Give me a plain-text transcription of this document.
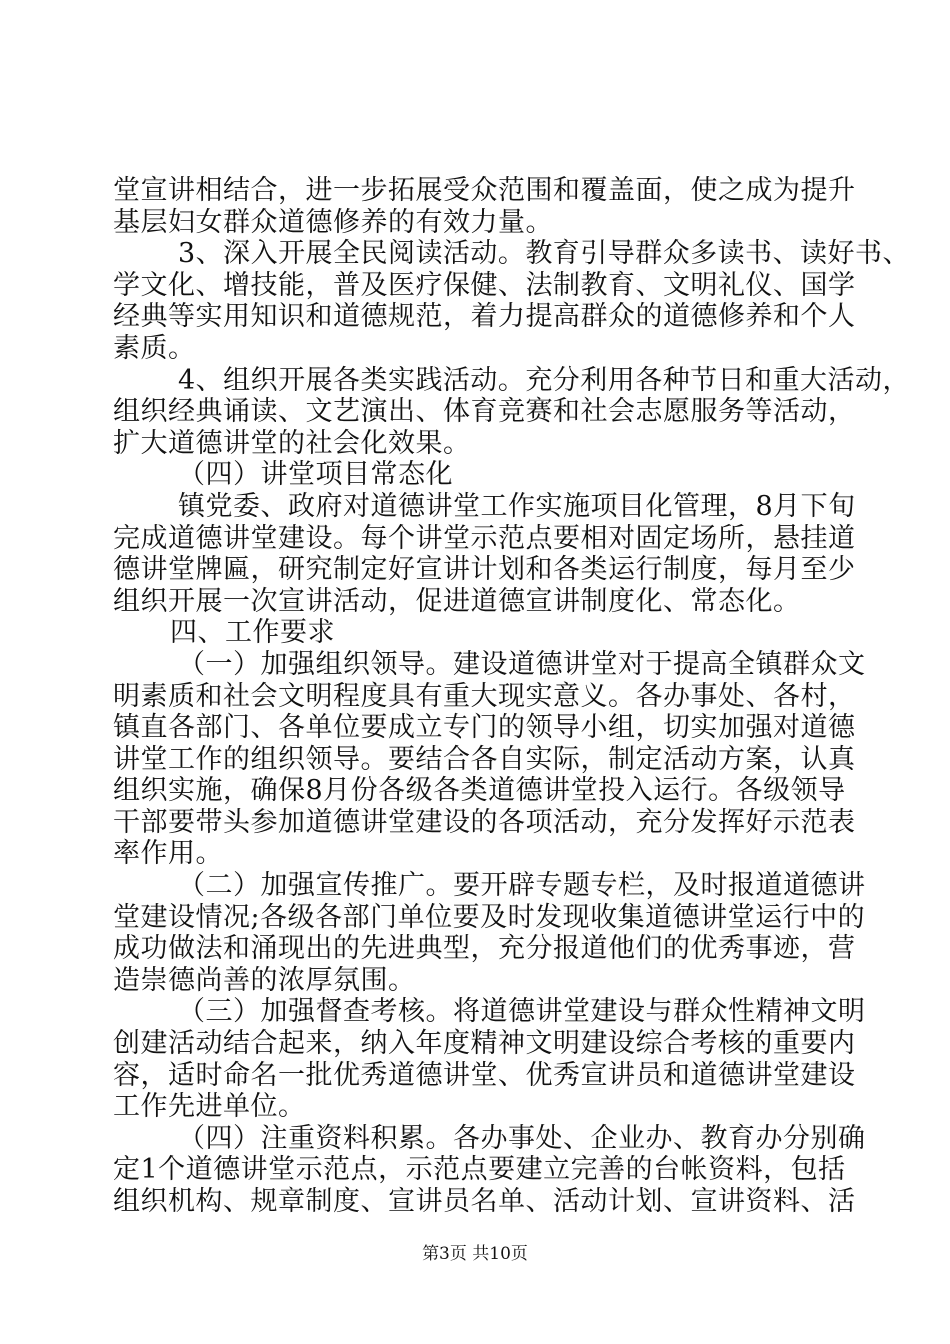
堂宣讲相结合，进一步拓展受众范围和覆盖面，使之成为提升
基层妇女群众道德修养的有效力量。
3、深入开展全民阅读活动。教育引导群众多读书、读好书、
学文化、增技能，普及医疗保健、法制教育、文明礼仪、国学
经典等实用知识和道德规范，着力提高群众的道德修养和个人
素质。
4、组织开展各类实践活动。充分利用各种节日和重大活动，
组织经典诵读、文艺演出、体育竞赛和社会志愿服务等活动，
扩大道德讲堂的社会化效果。
（四）讲堂项目常态化
镇党委、政府对道德讲堂工作实施项目化管理，8月下旬
完成道德讲堂建设。每个讲堂示范点要相对固定场所，悬挂道
德讲堂牌匾，研究制定好宣讲计划和各类运行制度，每月至少
组织开展一次宣讲活动，促进道德宣讲制度化、常态化。
四、工作要求
（一）加强组织领导。建设道德讲堂对于提高全镇群众文
明素质和社会文明程度具有重大现实意义。各办事处、各村，
镇直各部门、各单位要成立专门的领导小组，切实加强对道德
讲堂工作的组织领导。要结合各自实际，制定活动方案，认真
组织实施，确保8月份各级各类道德讲堂投入运行。各级领导
干部要带头参加道德讲堂建设的各项活动，充分发挥好示范表
率作用。
（二）加强宣传推广。要开辟专题专栏，及时报道道德讲
堂建设情况;各级各部门单位要及时发现收集道德讲堂运行中的
成功做法和涌现出的先进典型，充分报道他们的优秀事迹，营
造崇德尚善的浓厚氛围。
（三）加强督查考核。将道德讲堂建设与群众性精神文明
创建活动结合起来，纳入年度精神文明建设综合考核的重要内
容，适时命名一批优秀道德讲堂、优秀宣讲员和道德讲堂建设
工作先进单位。
（四）注重资料积累。各办事处、企业办、教育办分别确
定1个道德讲堂示范点，示范点要建立完善的台帐资料，包括
组织机构、规章制度、宣讲员名单、活动计划、宣讲资料、活
第3页 共10页
